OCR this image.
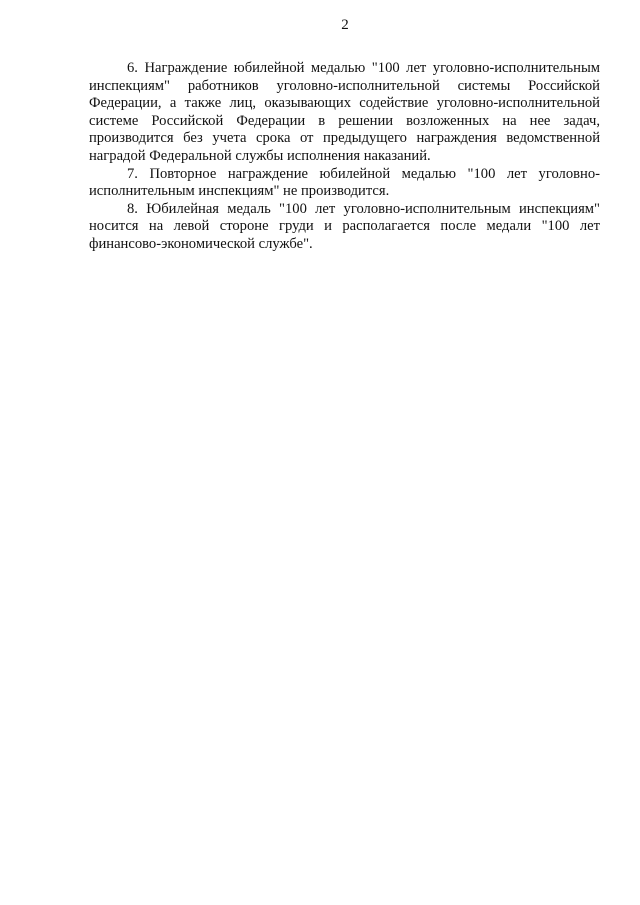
2

6. Награждение юбилейной медалью "100 лет уголовно-исполнительным инспекциям" работников уголовно-исполнительной системы Российской Федерации, а также лиц, оказывающих содействие уголовно-исполнительной системе Российской Федерации в решении возложенных на нее задач, производится без учета срока от предыдущего награждения ведомственной наградой Федеральной службы исполнения наказаний.

7. Повторное награждение юбилейной медалью "100 лет уголовно-исполнительным инспекциям" не производится.

8. Юбилейная медаль "100 лет уголовно-исполнительным инспекциям" носится на левой стороне груди и располагается после медали "100 лет финансово-экономической службе".
